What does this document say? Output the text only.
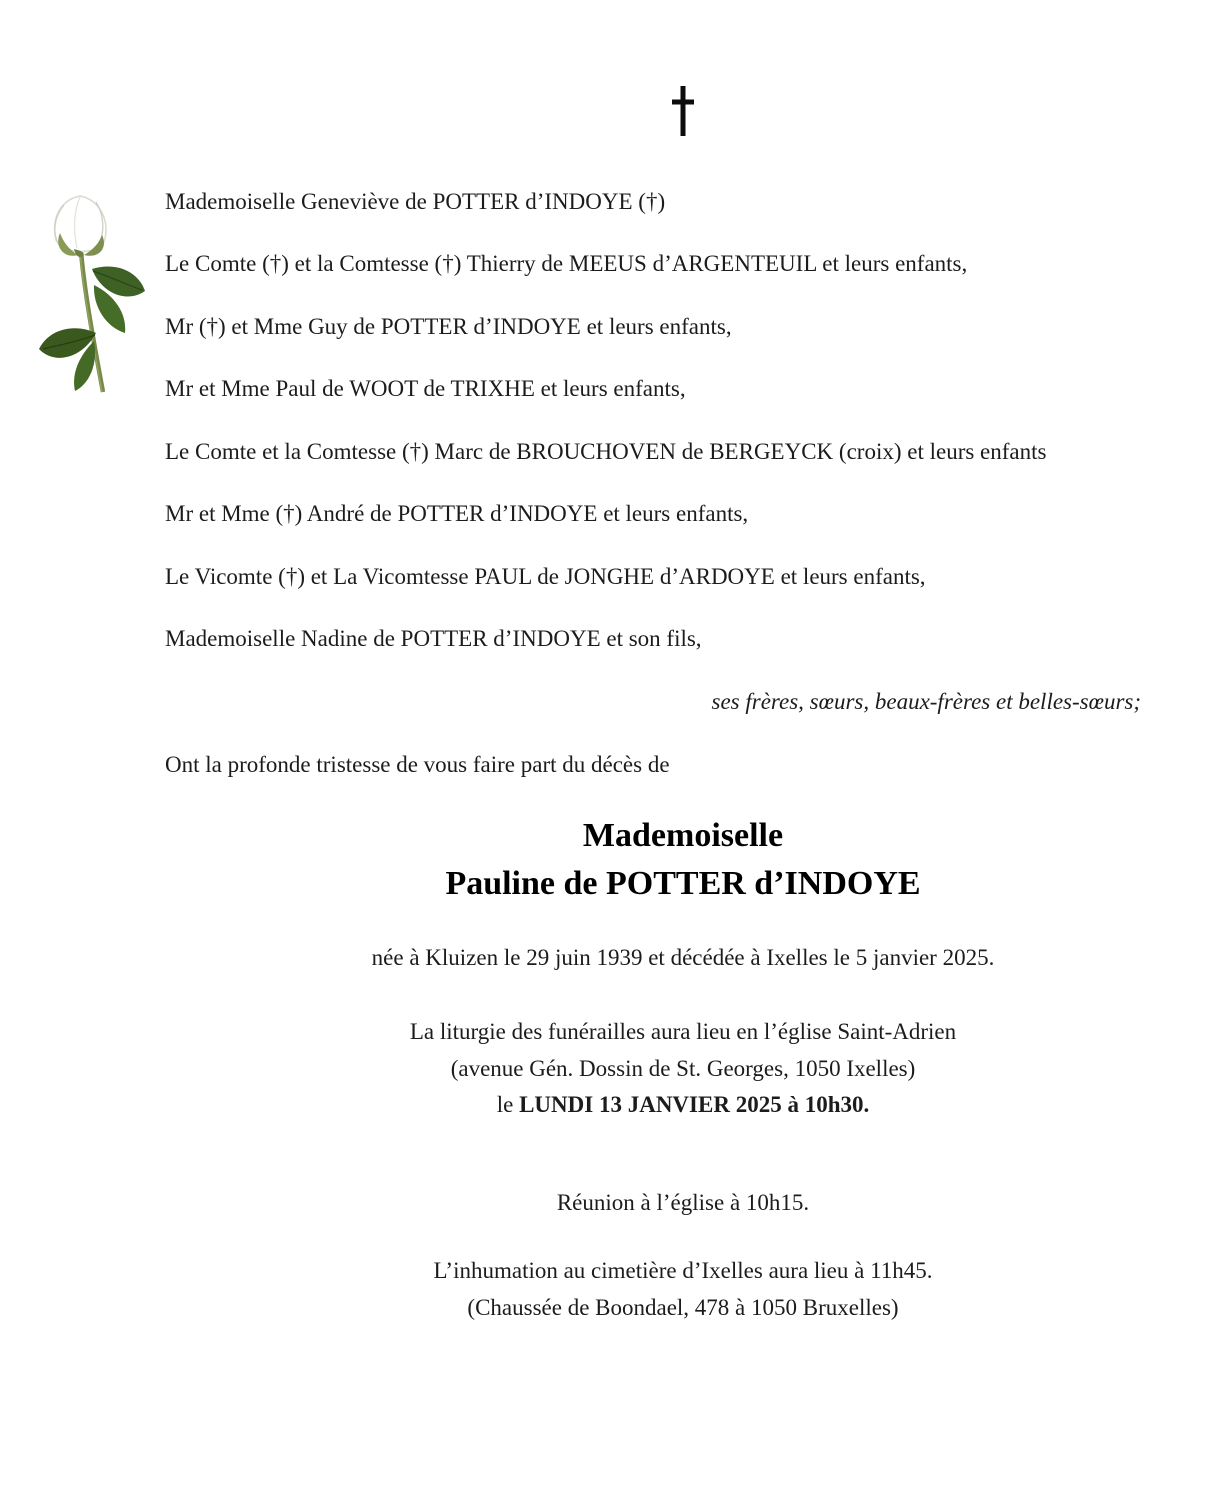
Mademoiselle Geneviève de POTTER d’INDOYE (†)
Le Comte (†) et la Comtesse (†) Thierry de MEEUS d’ARGENTEUIL et leurs enfants,
Mr (†) et Mme Guy de POTTER d’INDOYE et leurs enfants,
Mr et Mme Paul de WOOT de TRIXHE et leurs enfants,
Le Comte et la Comtesse (†) Marc de BROUCHOVEN de BERGEYCK (croix) et leurs enfants
Mr et Mme (†) André de POTTER d’INDOYE et leurs enfants,
Le Vicomte (†) et La Vicomtesse PAUL de JONGHE d’ARDOYE et leurs enfants,
Mademoiselle Nadine de POTTER d’INDOYE et son fils,
ses frères, sœurs, beaux-frères et belles-sœurs;
Ont la profonde tristesse de vous faire part du décès de
Mademoiselle
Pauline de POTTER d’INDOYE
née à Kluizen le 29 juin 1939 et décédée à Ixelles le 5 janvier 2025.
La liturgie des funérailles aura lieu en l’église Saint-Adrien
(avenue Gén. Dossin de St. Georges, 1050 Ixelles)
le LUNDI 13 JANVIER 2025 à 10h30.
Réunion à l’église à 10h15.
L’inhumation au cimetière d’Ixelles aura lieu à 11h45.
(Chaussée de Boondael, 478 à 1050 Bruxelles)
